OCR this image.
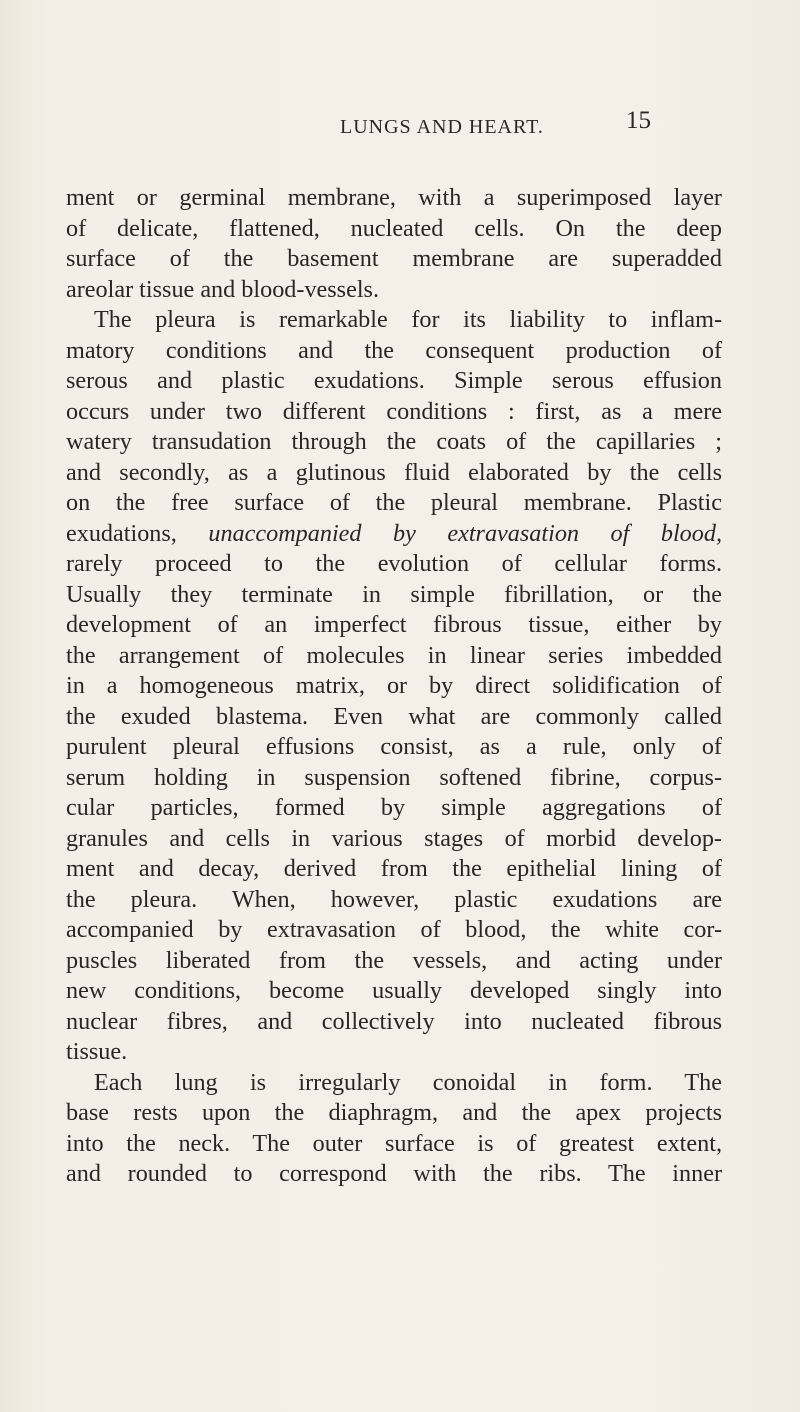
LUNGS AND HEART.	15
ment or germinal membrane, with a superimposed layer
of delicate, flattened, nucleated cells. On the deep
surface of the basement membrane are superadded
areolar tissue and blood-vessels.
The pleura is remarkable for its liability to inflam-
matory conditions and the consequent production of
serous and plastic exudations. Simple serous effusion
occurs under two different conditions : first, as a mere
watery transudation through the coats of the capillaries ;
and secondly, as a glutinous fluid elaborated by the cells
on the free surface of the pleural membrane. Plastic
exudations, unaccompanied by extravasation of blood,
rarely proceed to the evolution of cellular forms.
Usually they terminate in simple fibrillation, or the
development of an imperfect fibrous tissue, either by
the arrangement of molecules in linear series imbedded
in a homogeneous matrix, or by direct solidification of
the exuded blastema. Even what are commonly called
purulent pleural effusions consist, as a rule, only of
serum holding in suspension softened fibrine, corpus-
cular particles, formed by simple aggregations of
granules and cells in various stages of morbid develop-
ment and decay, derived from the epithelial lining of
the pleura. When, however, plastic exudations are
accompanied by extravasation of blood, the white cor-
puscles liberated from the vessels, and acting under
new conditions, become usually developed singly into
nuclear fibres, and collectively into nucleated fibrous
tissue.
Each lung is irregularly conoidal in form. The
base rests upon the diaphragm, and the apex projects
into the neck. The outer surface is of greatest extent,
and rounded to correspond with the ribs. The inner
